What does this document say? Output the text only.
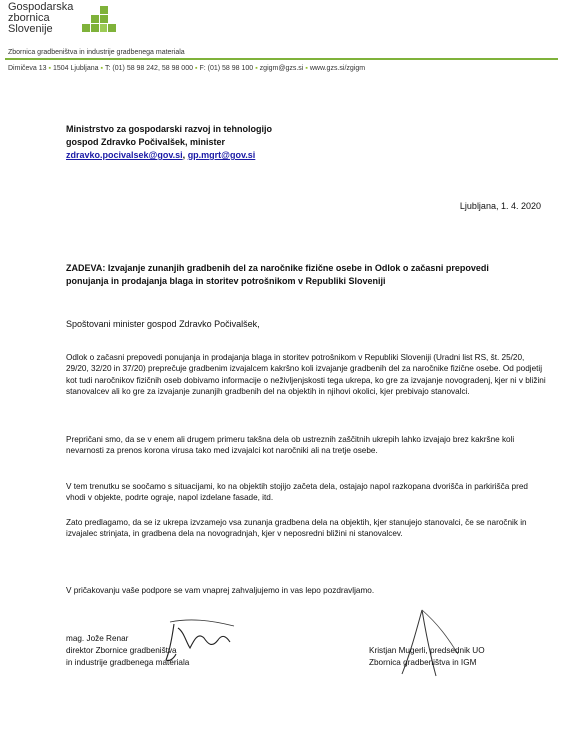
Gospodarska
zbornica
Slovenije
Zbornica gradbeništva in industrije gradbenega materiala
Dimičeva 13 ▪ 1504 Ljubljana ▪ T: (01) 58 98 242, 58 98 000 ▪ F: (01) 58 98 100 ▪ zgigm@gzs.si ▪ www.gzs.si/zgigm
Ministrstvo za gospodarski razvoj in tehnologijo
gospod Zdravko Počivalšek, minister
zdravko.pocivalsek@gov.si, gp.mgrt@gov.si
Ljubljana, 1. 4. 2020
ZADEVA: Izvajanje zunanjih gradbenih del za naročnike fizične osebe in Odlok o začasni prepovedi ponujanja in prodajanja blaga in storitev potrošnikom v Republiki Sloveniji
Spoštovani minister gospod Zdravko Počivalšek,
Odlok o začasni prepovedi ponujanja in prodajanja blaga in storitev potrošnikom v Republiki Sloveniji (Uradni list RS, št. 25/20, 29/20, 32/20 in 37/20) preprečuje gradbenim izvajalcem kakršno koli izvajanje gradbenih del za naročnike fizične osebe. Od podjetij kot tudi naročnikov fizičnih oseb dobivamo informacije o neživljenjskosti tega ukrepa, ko gre za izvajanje novogradenj, kjer ni v bližini stanovalcev ali ko gre za izvajanje zunanjih gradbenih del na objektih in njihovi okolici, kjer prebivajo stanovalci.
Prepričani smo, da se v enem ali drugem primeru takšna dela ob ustreznih zaščitnih ukrepih lahko izvajajo brez kakršne koli nevarnosti za prenos korona virusa tako med izvajalci kot naročniki ali na tretje osebe.
V tem trenutku se soočamo s situacijami, ko na objektih stojijo začeta dela, ostajajo napol razkopana dvorišča in parkirišča pred vhodi v objekte, podrte ograje, napol izdelane fasade, itd.
Zato predlagamo, da se iz ukrepa izvzamejo vsa zunanja gradbena dela na objektih, kjer stanujejo stanovalci, če se naročnik in izvajalec strinjata, in gradbena dela na novogradnjah, kjer v neposredni bližini ni stanovalcev.
V pričakovanju vaše podpore se vam vnaprej zahvaljujemo in vas lepo pozdravljamo.
mag. Jože Renar
direktor Zbornice gradbeništva
in industrije gradbenega materiala
Kristjan Mugerli, predsednik UO
Zbornica gradbeništva in IGM
